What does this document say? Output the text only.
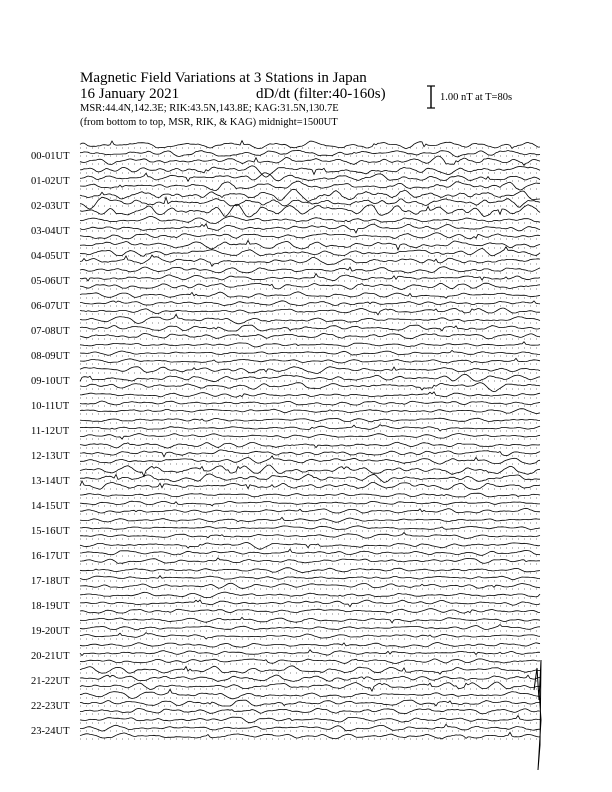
Magnetic Field Variations at 3 Stations in Japan
16 January 2021	dD/dt (filter:40-160s)
MSR:44.4N,142.3E; RIK:43.5N,143.8E; KAG:31.5N,130.7E
(from bottom to top, MSR, RIK, & KAG) midnight=1500UT
1.00 nT at T=80s
00-01UT
01-02UT
02-03UT
03-04UT
04-05UT
05-06UT
06-07UT
07-08UT
08-09UT
09-10UT
10-11UT
11-12UT
12-13UT
13-14UT
14-15UT
15-16UT
16-17UT
17-18UT
18-19UT
19-20UT
20-21UT
21-22UT
22-23UT
23-24UT
